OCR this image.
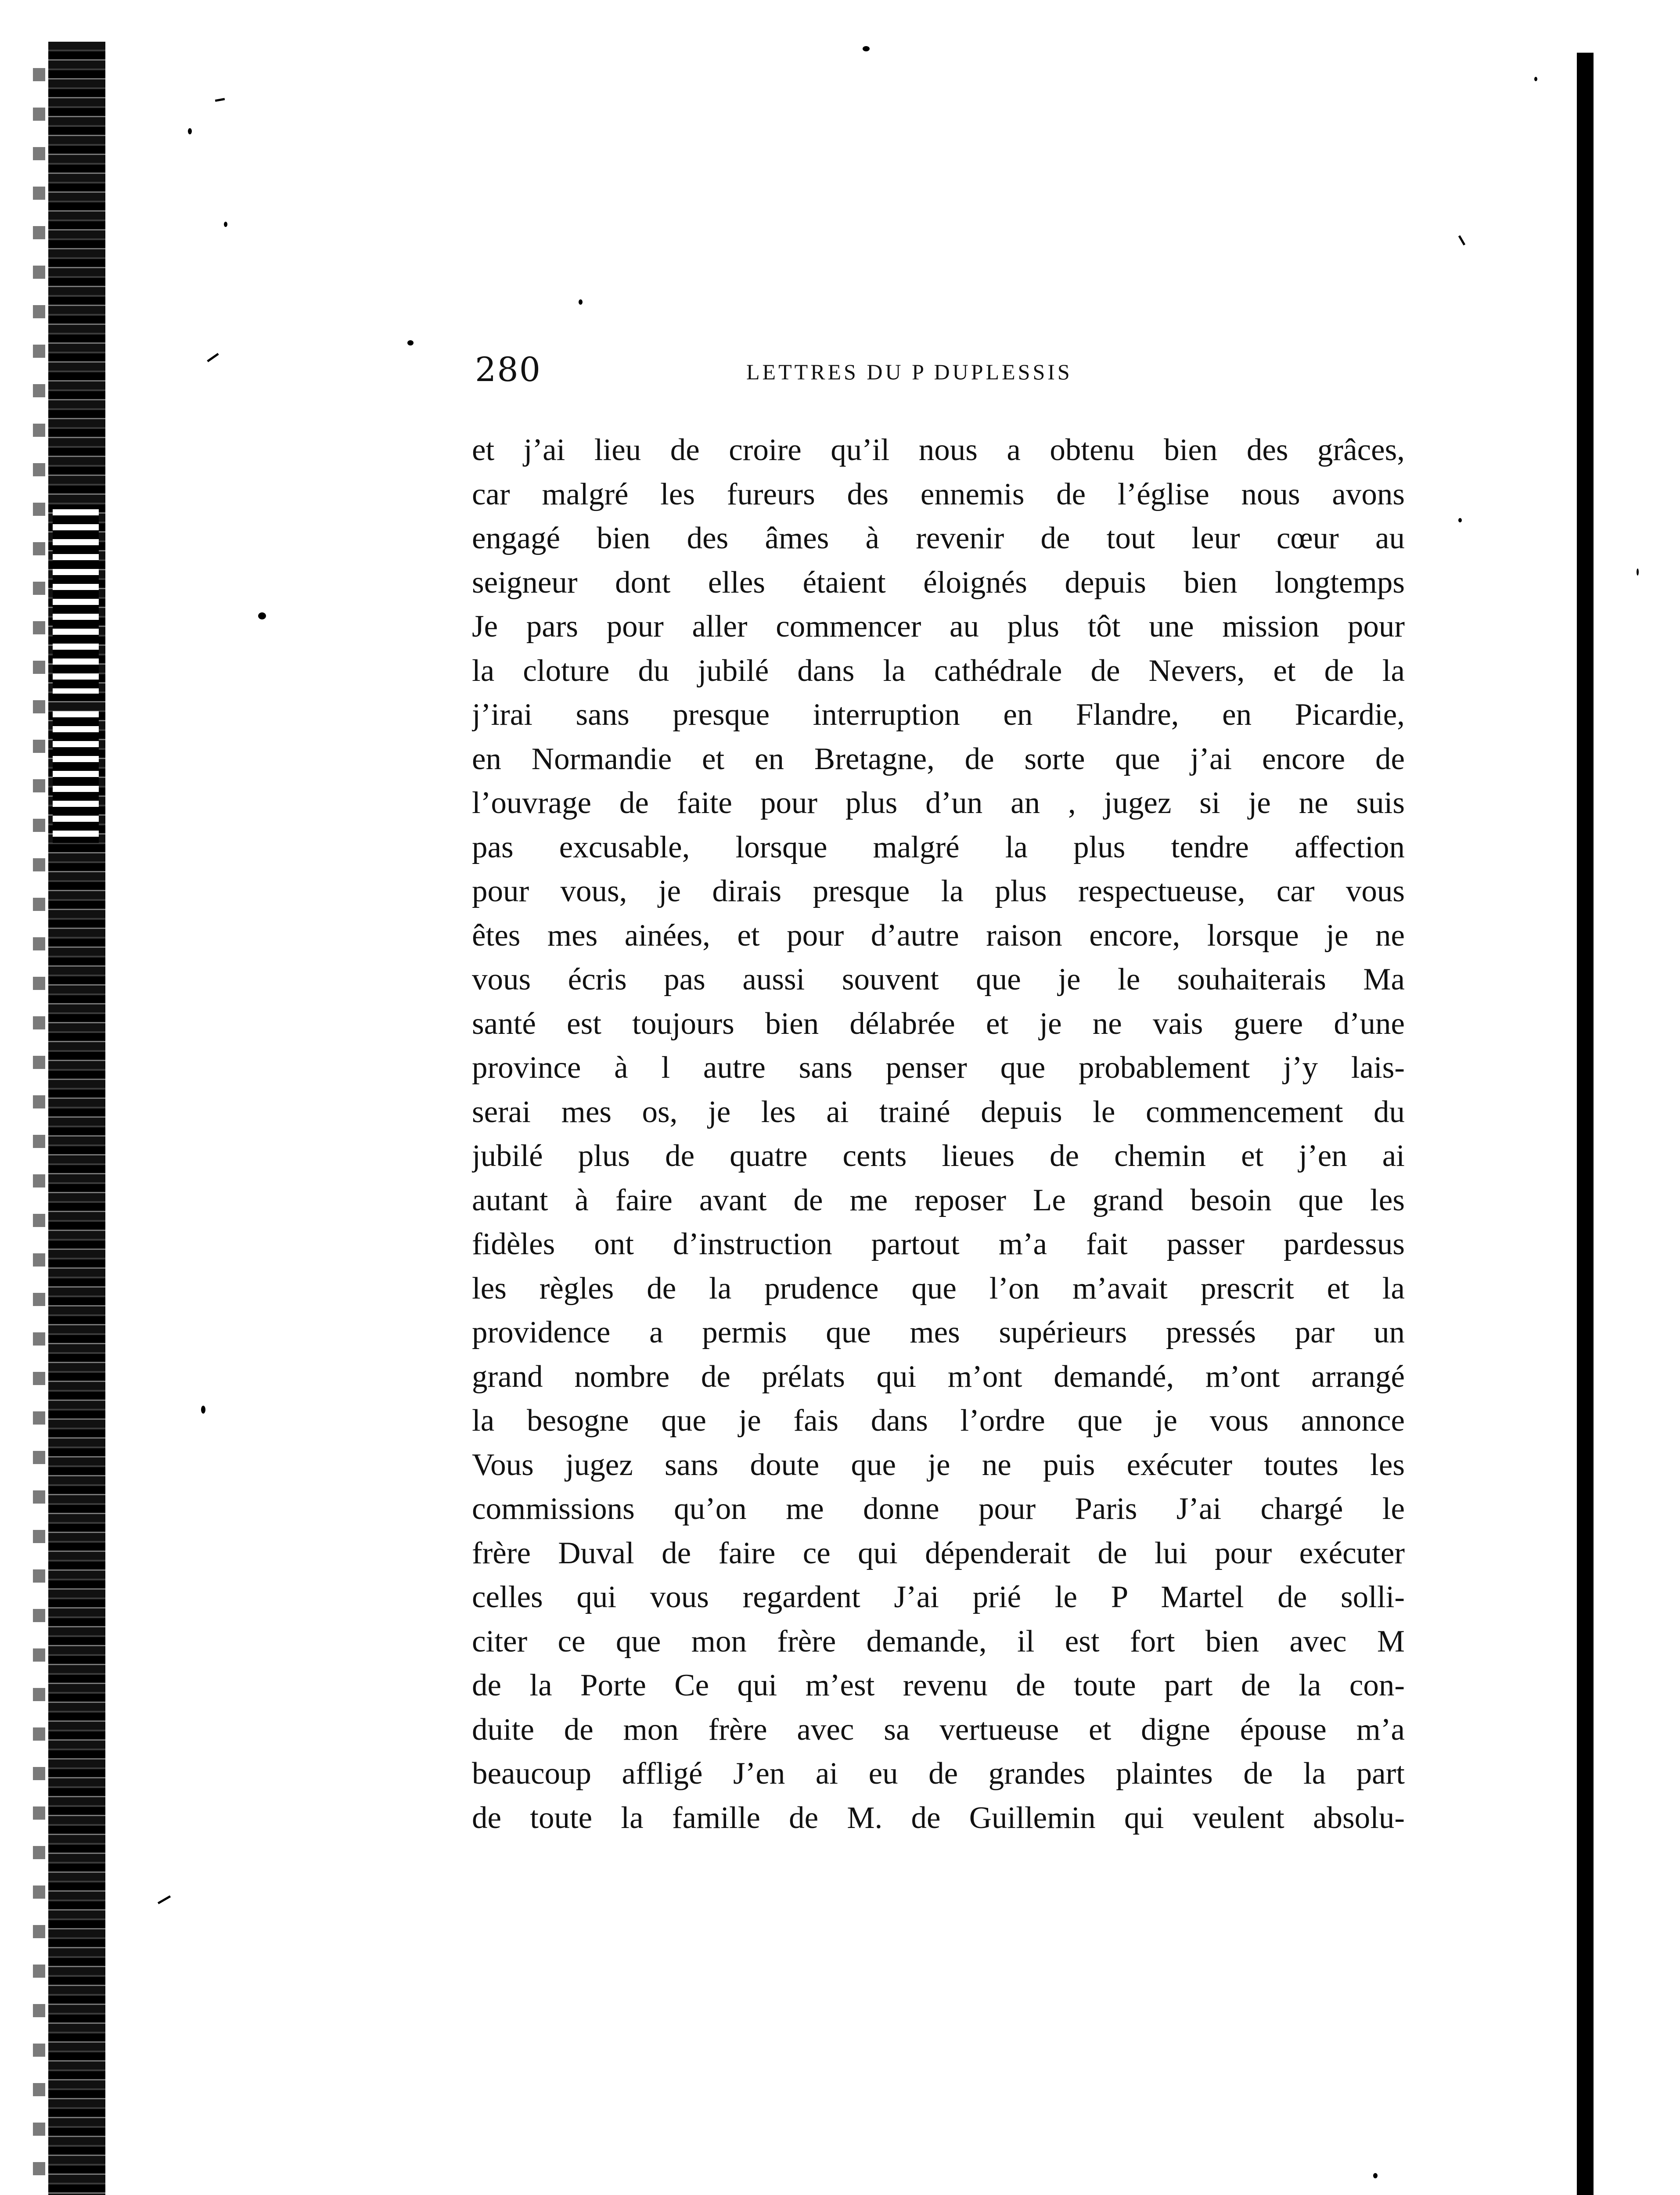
280	LETTRES DU P DUPLESSIS
et j’ai lieu de croire qu’il nous a obtenu bien des grâces,
car malgré les fureurs des ennemis de l’église nous avons
engagé bien des âmes à revenir de tout leur cœur au
seigneur dont elles étaient éloignés depuis bien longtemps
Je pars pour aller commencer au plus tôt une mission pour
la cloture du jubilé dans la cathédrale de Nevers, et de la
j’irai sans presque interruption en Flandre, en Picardie,
en Normandie et en Bretagne, de sorte que j’ai encore de
l’ouvrage de faite pour plus d’un an , jugez si je ne suis
pas excusable, lorsque malgré la plus tendre affection
pour vous, je dirais presque la plus respectueuse, car vous
êtes mes ainées, et pour d’autre raison encore, lorsque je ne
vous écris pas aussi souvent que je le souhaiterais Ma
santé est toujours bien délabrée et je ne vais guere d’une
province à l autre sans penser que probablement j’y lais-
serai mes os, je les ai trainé depuis le commencement du
jubilé plus de quatre cents lieues de chemin et j’en ai
autant à faire avant de me reposer Le grand besoin que les
fidèles ont d’instruction partout m’a fait passer pardessus
les règles de la prudence que l’on m’avait prescrit et la
providence a permis que mes supérieurs pressés par un
grand nombre de prélats qui m’ont demandé, m’ont arrangé
la besogne que je fais dans l’ordre que je vous annonce
Vous jugez sans doute que je ne puis exécuter toutes les
commissions qu’on me donne pour Paris J’ai chargé le
frère Duval de faire ce qui dépenderait de lui pour exécuter
celles qui vous regardent J’ai prié le P Martel de solli-
citer ce que mon frère demande, il est fort bien avec M
de la Porte Ce qui m’est revenu de toute part de la con-
duite de mon frère avec sa vertueuse et digne épouse m’a
beaucoup affligé J’en ai eu de grandes plaintes de la part
de toute la famille de M. de Guillemin qui veulent absolu-
